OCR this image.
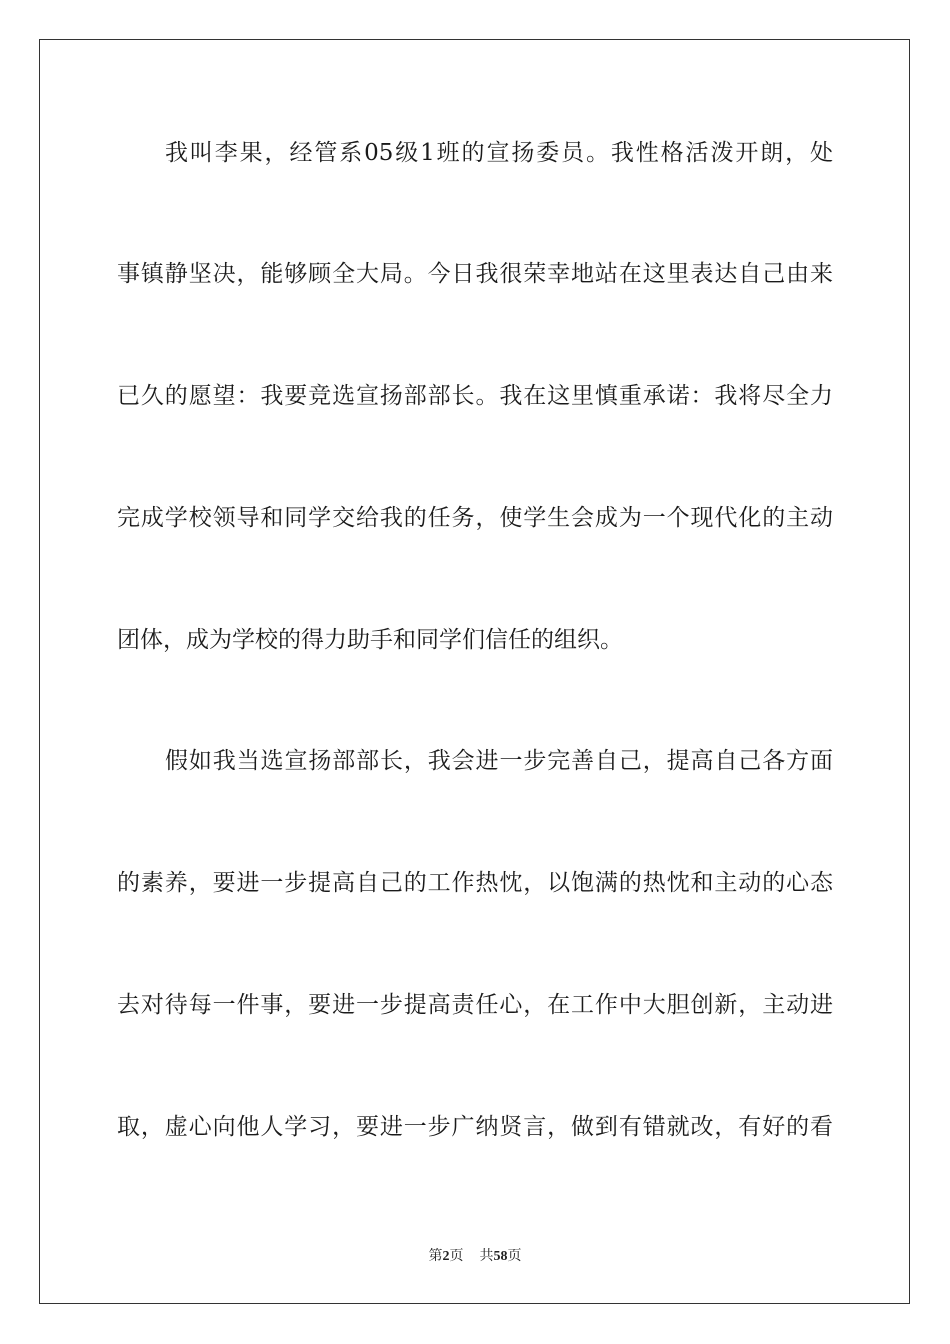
我叫李果，经管系05级1班的宣扬委员。我性格活泼开朗，处
事镇静坚决，能够顾全大局。今日我很荣幸地站在这里表达自己由来
已久的愿望：我要竞选宣扬部部长。我在这里慎重承诺：我将尽全力
完成学校领导和同学交给我的任务，使学生会成为一个现代化的主动
团体，成为学校的得力助手和同学们信任的组织。
假如我当选宣扬部部长，我会进一步完善自己，提高自己各方面
的素养，要进一步提高自己的工作热忱，以饱满的热忱和主动的心态
去对待每一件事，要进一步提高责任心，在工作中大胆创新，主动进
取，虚心向他人学习，要进一步广纳贤言，做到有错就改，有好的看
第2页 共58页
